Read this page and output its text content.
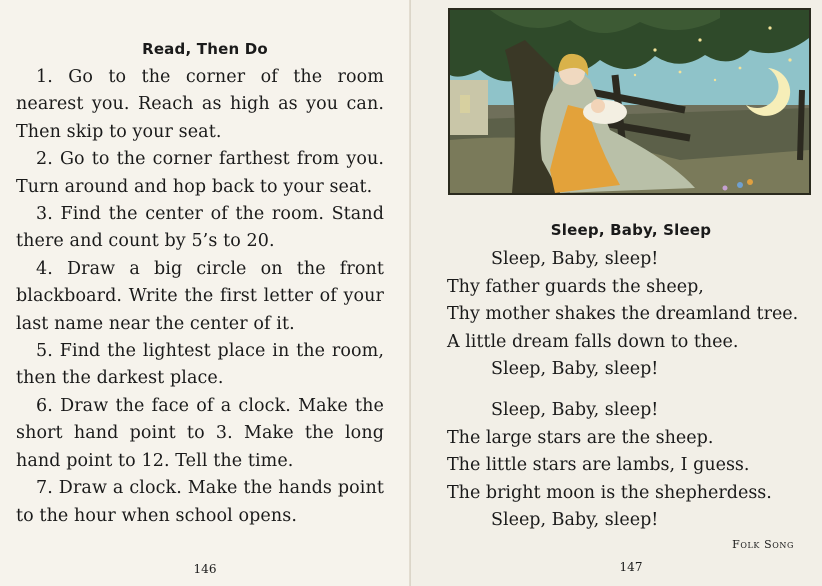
Read, Then Do

1. Go to the corner of the room nearest you. Reach as high as you can. Then skip to your seat.

2. Go to the corner farthest from you. Turn around and hop back to your seat.

3. Find the center of the room. Stand there and count by 5’s to 20.

4. Draw a big circle on the front blackboard. Write the first letter of your last name near the center of it.

5. Find the lightest place in the room, then the darkest place.

6. Draw the face of a clock. Make the short hand point to 3. Make the long hand point to 12. Tell the time.

7. Draw a clock. Make the hands point to the hour when school opens.

146
Sleep, Baby, Sleep
Sleep, Baby, sleep!
Thy father guards the sheep,
Thy mother shakes the dreamland tree.
A little dream falls down to thee.
Sleep, Baby, sleep!
Sleep, Baby, sleep!
The large stars are the sheep.
The little stars are lambs, I guess.
The bright moon is the shepherdess.
Sleep, Baby, sleep!
Folk Song
147
